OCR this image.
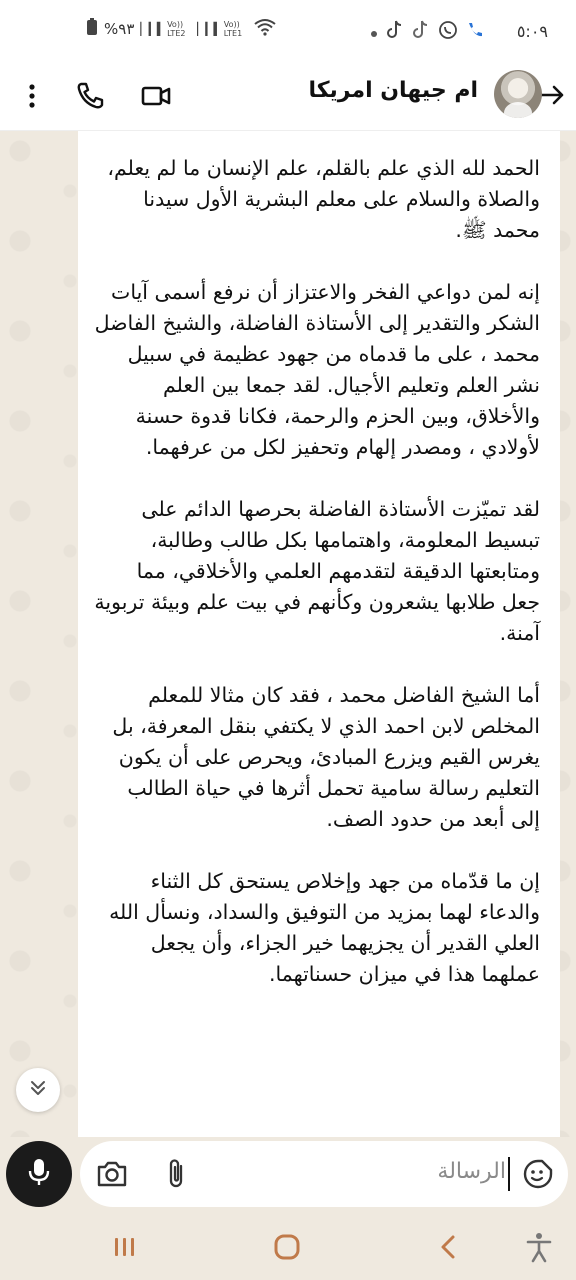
%٩٣ ▏▎▍ Vo)) LTE2 ▏▎▍ Vo)) LTE1	٥:٠٩
ام جيهان امريكا

الحمد لله الذي علم بالقلم، علم الإنسان ما لم يعلم، والصلاة والسلام على معلم البشرية الأول سيدنا محمد ﷺ.

إنه لمن دواعي الفخر والاعتزاز أن نرفع أسمى آيات الشكر والتقدير إلى الأستاذة الفاضلة، والشيخ الفاضل محمد ، على ما قدماه من جهود عظيمة في سبيل نشر العلم وتعليم الأجيال. لقد جمعا بين العلم والأخلاق، وبين الحزم والرحمة، فكانا قدوة حسنة لأولادي ، ومصدر إلهام وتحفيز لكل من عرفهما.

لقد تميّزت الأستاذة الفاضلة بحرصها الدائم على تبسيط المعلومة، واهتمامها بكل طالب وطالبة، ومتابعتها الدقيقة لتقدمهم العلمي والأخلاقي، مما جعل طلابها يشعرون وكأنهم في بيت علم وبيئة تربوية آمنة.

أما الشيخ الفاضل محمد ، فقد كان مثالا للمعلم المخلص لابن احمد الذي لا يكتفي بنقل المعرفة، بل يغرس القيم ويزرع المبادئ، ويحرص على أن يكون التعليم رسالة سامية تحمل أثرها في حياة الطالب إلى أبعد من حدود الصف.

إن ما قدّماه من جهد وإخلاص يستحق كل الثناء والدعاء لهما بمزيد من التوفيق والسداد، ونسأل الله العلي القدير أن يجزيهما خير الجزاء، وأن يجعل عملهما هذا في ميزان حسناتهما.

الرسالة
